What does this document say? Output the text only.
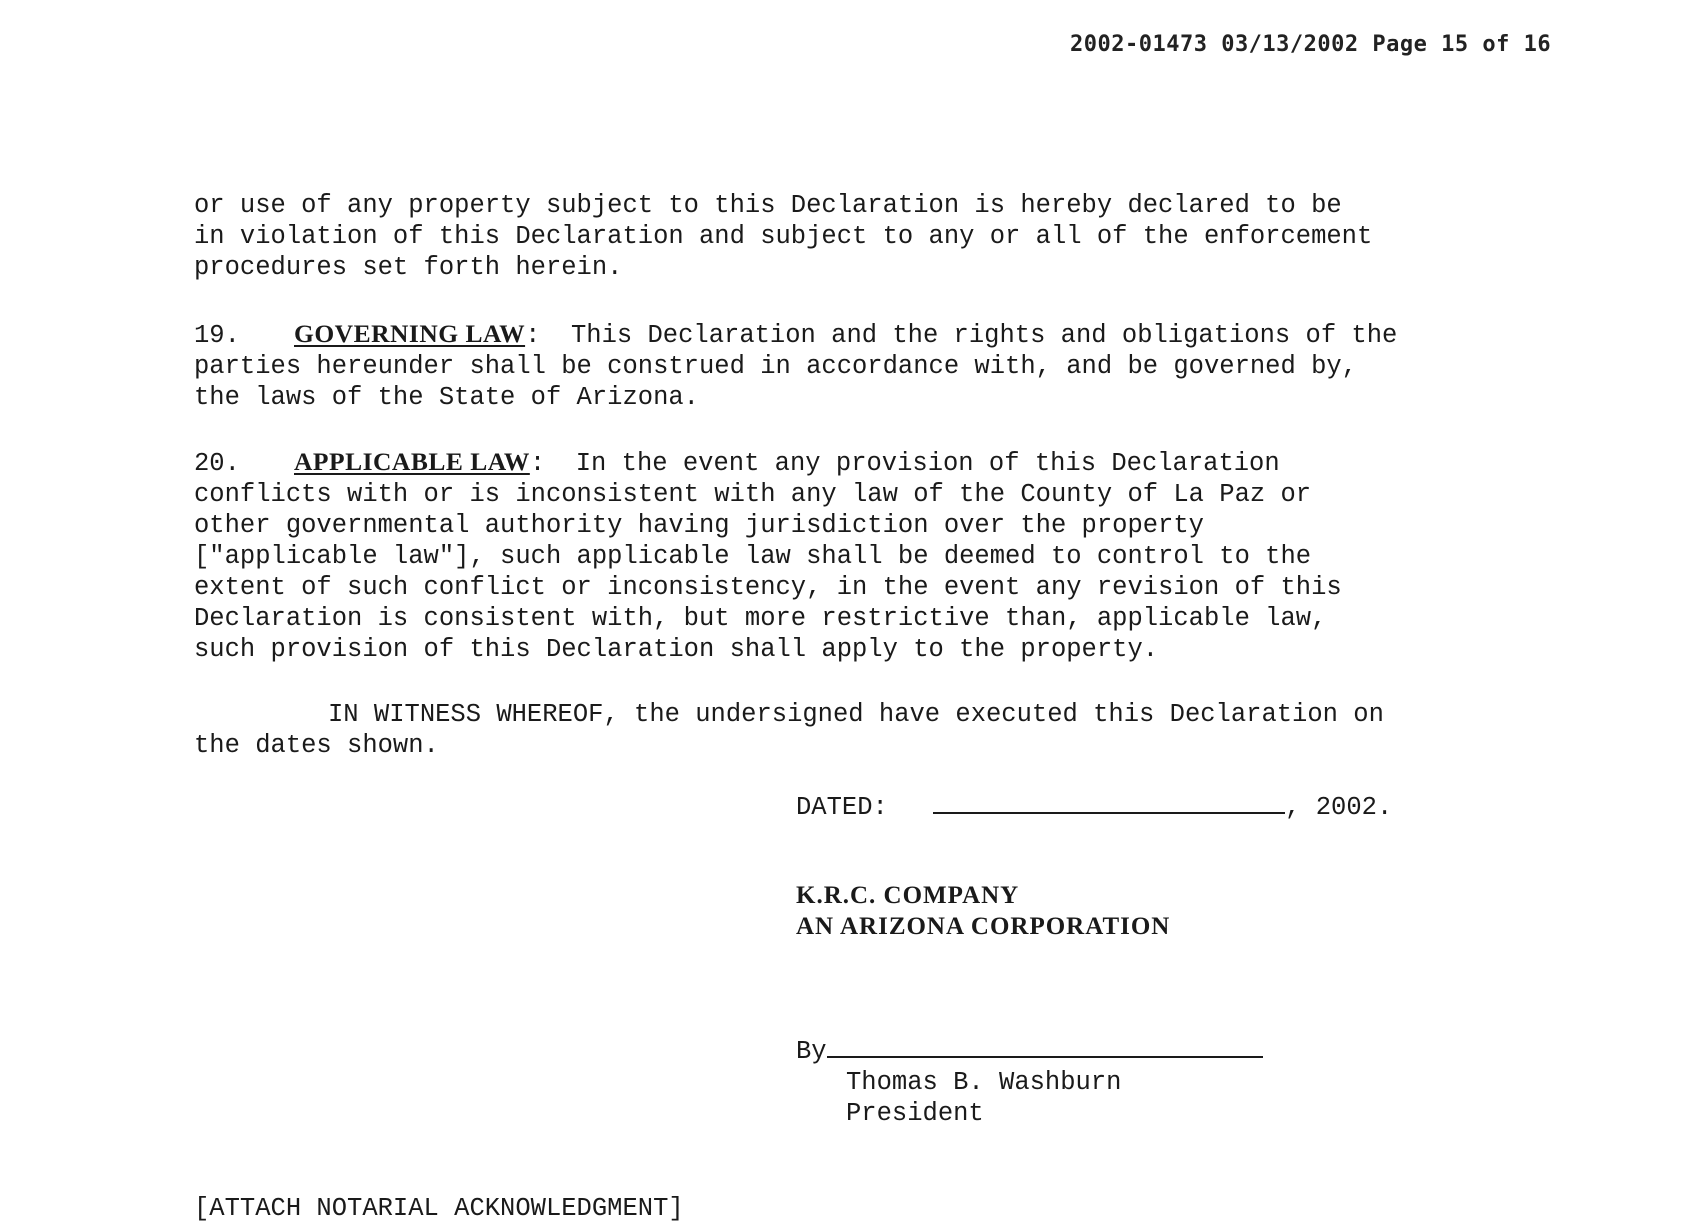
2002-01473 03/13/2002 Page 15 of 16
or use of any property subject to this Declaration is hereby declared to be
in violation of this Declaration and subject to any or all of the enforcement
procedures set forth herein.
19. GOVERNING LAW:  This Declaration and the rights and obligations of the
parties hereunder shall be construed in accordance with, and be governed by,
the laws of the State of Arizona.
20. APPLICABLE LAW:  In the event any provision of this Declaration
conflicts with or is inconsistent with any law of the County of La Paz or
other governmental authority having jurisdiction over the property
["applicable law"], such applicable law shall be deemed to control to the
extent of such conflict or inconsistency, in the event any revision of this
Declaration is consistent with, but more restrictive than, applicable law,
such provision of this Declaration shall apply to the property.
IN WITNESS WHEREOF, the undersigned have executed this Declaration on
the dates shown.
DATED:	, 2002.
K.R.C. COMPANY
AN ARIZONA CORPORATION
By
Thomas B. Washburn
President
[ATTACH NOTARIAL ACKNOWLEDGMENT]
